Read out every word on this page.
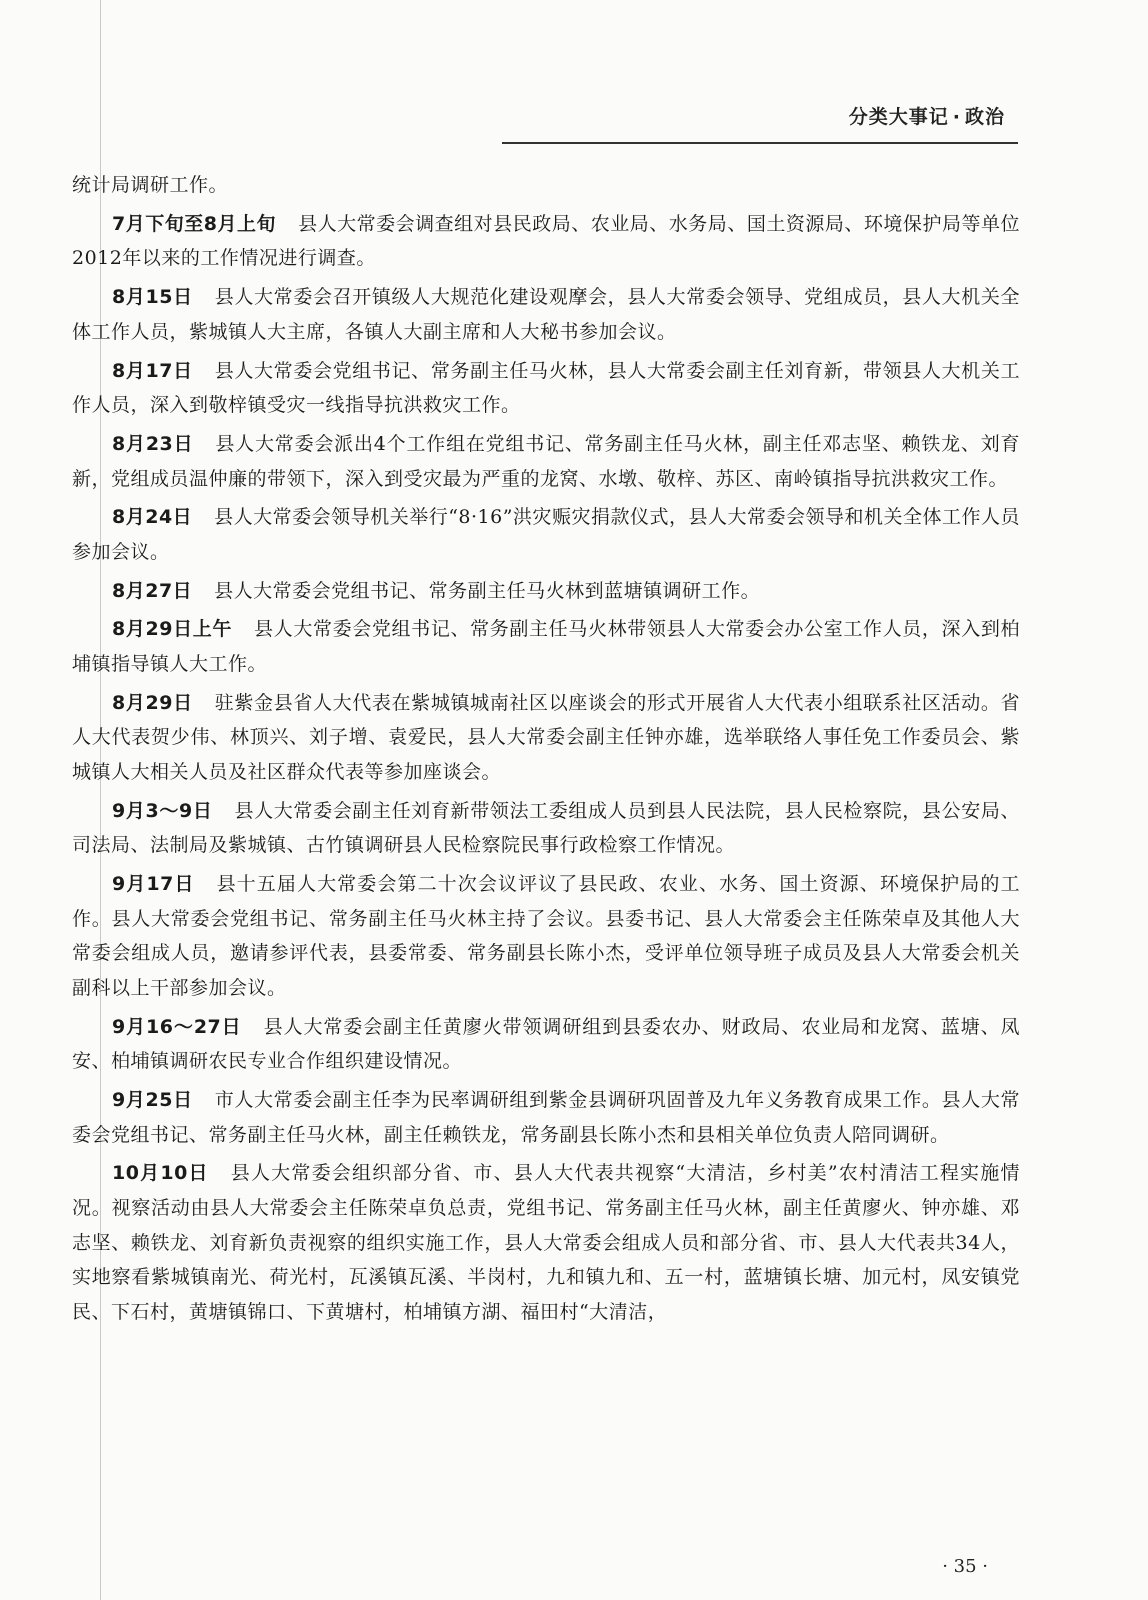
分类大事记 · 政治

统计局调研工作。

7月下旬至8月上旬 县人大常委会调查组对县民政局、农业局、水务局、国土资源局、环境保护局等单位2012年以来的工作情况进行调查。

8月15日 县人大常委会召开镇级人大规范化建设观摩会，县人大常委会领导、党组成员，县人大机关全体工作人员，紫城镇人大主席，各镇人大副主席和人大秘书参加会议。

8月17日 县人大常委会党组书记、常务副主任马火林，县人大常委会副主任刘育新，带领县人大机关工作人员，深入到敬梓镇受灾一线指导抗洪救灾工作。

8月23日 县人大常委会派出4个工作组在党组书记、常务副主任马火林，副主任邓志坚、赖铁龙、刘育新，党组成员温仲廉的带领下，深入到受灾最为严重的龙窝、水墩、敬梓、苏区、南岭镇指导抗洪救灾工作。

8月24日 县人大常委会领导机关举行“8·16”洪灾赈灾捐款仪式，县人大常委会领导和机关全体工作人员参加会议。

8月27日 县人大常委会党组书记、常务副主任马火林到蓝塘镇调研工作。

8月29日上午 县人大常委会党组书记、常务副主任马火林带领县人大常委会办公室工作人员，深入到柏埔镇指导镇人大工作。

8月29日 驻紫金县省人大代表在紫城镇城南社区以座谈会的形式开展省人大代表小组联系社区活动。省人大代表贺少伟、林顶兴、刘子增、袁爱民，县人大常委会副主任钟亦雄，选举联络人事任免工作委员会、紫城镇人大相关人员及社区群众代表等参加座谈会。

9月3～9日 县人大常委会副主任刘育新带领法工委组成人员到县人民法院，县人民检察院，县公安局、司法局、法制局及紫城镇、古竹镇调研县人民检察院民事行政检察工作情况。

9月17日 县十五届人大常委会第二十次会议评议了县民政、农业、水务、国土资源、环境保护局的工作。县人大常委会党组书记、常务副主任马火林主持了会议。县委书记、县人大常委会主任陈荣卓及其他人大常委会组成人员，邀请参评代表，县委常委、常务副县长陈小杰，受评单位领导班子成员及县人大常委会机关副科以上干部参加会议。

9月16～27日 县人大常委会副主任黄廖火带领调研组到县委农办、财政局、农业局和龙窝、蓝塘、凤安、柏埔镇调研农民专业合作组织建设情况。

9月25日 市人大常委会副主任李为民率调研组到紫金县调研巩固普及九年义务教育成果工作。县人大常委会党组书记、常务副主任马火林，副主任赖铁龙，常务副县长陈小杰和县相关单位负责人陪同调研。

10月10日 县人大常委会组织部分省、市、县人大代表共视察“大清洁，乡村美”农村清洁工程实施情况。视察活动由县人大常委会主任陈荣卓负总责，党组书记、常务副主任马火林，副主任黄廖火、钟亦雄、邓志坚、赖铁龙、刘育新负责视察的组织实施工作，县人大常委会组成人员和部分省、市、县人大代表共34人，实地察看紫城镇南光、荷光村，瓦溪镇瓦溪、半岗村，九和镇九和、五一村，蓝塘镇长塘、加元村，凤安镇党民、下石村，黄塘镇锦口、下黄塘村，柏埔镇方湖、福田村“大清洁，

· 35 ·
